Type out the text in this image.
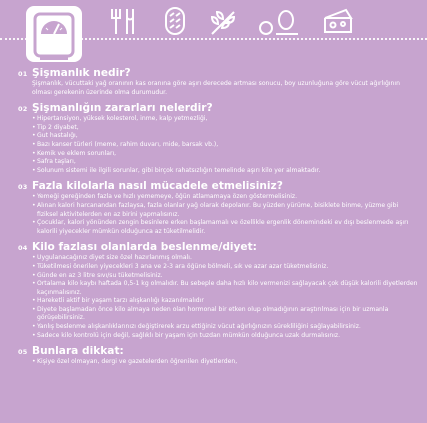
01 Şişmanlık nedir?

Şişmanlık, vücuttaki yağ oranının kas oranına göre aşırı derecede artması sonucu, boy uzunluğuna göre vücut ağırlığının olması gerekenin üzerinde olma durumudur.

02 Şişmanlığın zararları nelerdir?
• Hipertansiyon, yüksek kolesterol, inme, kalp yetmezliği,
• Tip 2 diyabet,
• Gut hastalığı,
• Bazı kanser türleri (meme, rahim duvarı, mide, barsak vb.),
• Kemik ve eklem sorunları,
• Safra taşları,
• Solunum sistemi ile ilgili sorunlar, gibi birçok rahatsızlığın temelinde aşırı kilo yer almaktadır.
03 Fazla kilolarla nasıl mücadele etmelisiniz?
• Yemeği gereğinden fazla ve hızlı yememeye, öğün atlamamaya özen göstermelisiniz.
• Alınan kalori harcanandan fazlaysa, fazla olanlar yağ olarak depolanır. Bu yüzden yürüme, bisiklete binme, yüzme gibi fiziksel aktivitelerden en az birini yapmalısınız.
• Çocuklar, kalori yönünden zengin besinlere erken başlamamalı ve özellikle ergenlik dönemindeki ev dışı beslenmede aşırı kalorili yiyecekler mümkün olduğunca az tüketilmelidir.
04 Kilo fazlası olanlarda beslenme/diyet:
• Uygulanacağınız diyet size özel hazırlanmış olmalı.
• Tüketilmesi önerilen yiyecekleri 3 ana ve 2-3 ara öğüne bölmeli, sık ve azar azar tüketmelisiniz.
• Günde en az 3 litre sıvı/su tüketmelisiniz.
• Ortalama kilo kaybı haftada 0,5-1 kg olmalıdır. Bu sebeple daha hızlı kilo vermenizi sağlayacak çok düşük kalorili diyetlerden kaçınmalısınız.
• Hareketli aktif bir yaşam tarzı alışkanlığı kazanılmalıdır
• Diyete başlamadan önce kilo almaya neden olan hormonal bir etken olup olmadığının araştırılması için bir uzmanla görüşebilirsiniz.
• Yanlış beslenme alışkanlıklarınızı değiştirerek arzu ettiğiniz vücut ağırlığınızın sürekliliğini sağlayabilirsiniz.
• Sadece kilo kontrolü için değil, sağlıklı bir yaşam için tuzdan mümkün olduğunca uzak durmalısınız.
05 Bunlara dikkat:
• Kişiye özel olmayan, dergi ve gazetelerden öğrenilen diyetlerden,
